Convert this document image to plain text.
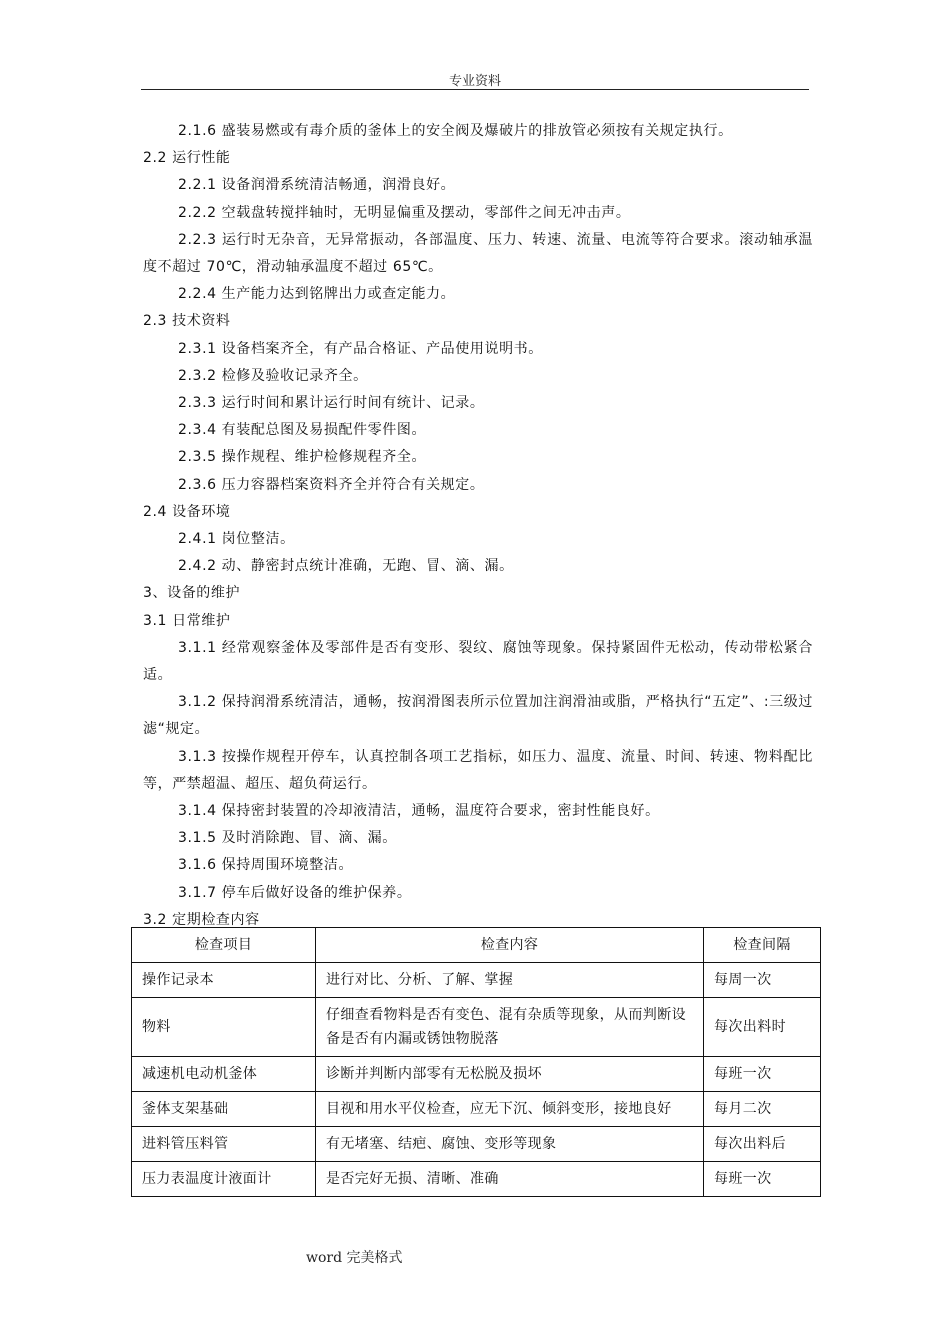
专业资料

2.1.6 盛装易燃或有毒介质的釜体上的安全阀及爆破片的排放管必须按有关规定执行。

2.2 运行性能

2.2.1 设备润滑系统清洁畅通，润滑良好。

2.2.2 空载盘转搅拌轴时，无明显偏重及摆动，零部件之间无冲击声。

2.2.3 运行时无杂音，无异常振动，各部温度、压力、转速、流量、电流等符合要求。滚动轴承温度不超过 70℃，滑动轴承温度不超过 65℃。

2.2.4 生产能力达到铭牌出力或查定能力。

2.3 技术资料

2.3.1 设备档案齐全，有产品合格证、产品使用说明书。

2.3.2 检修及验收记录齐全。

2.3.3 运行时间和累计运行时间有统计、记录。

2.3.4 有装配总图及易损配件零件图。

2.3.5 操作规程、维护检修规程齐全。

2.3.6 压力容器档案资料齐全并符合有关规定。

2.4 设备环境

2.4.1 岗位整洁。

2.4.2 动、静密封点统计准确，无跑、冒、滴、漏。

3、设备的维护

3.1 日常维护

3.1.1 经常观察釜体及零部件是否有变形、裂纹、腐蚀等现象。保持紧固件无松动，传动带松紧合适。

3.1.2 保持润滑系统清洁，通畅，按润滑图表所示位置加注润滑油或脂，严格执行“五定”、:三级过滤“规定。

3.1.3 按操作规程开停车，认真控制各项工艺指标，如压力、温度、流量、时间、转速、物料配比等，严禁超温、超压、超负荷运行。

3.1.4 保持密封装置的冷却液清洁，通畅，温度符合要求，密封性能良好。

3.1.5 及时消除跑、冒、滴、漏。

3.1.6 保持周围环境整洁。

3.1.7 停车后做好设备的维护保养。

3.2 定期检查内容

检查项目	检查内容	检查间隔
操作记录本	进行对比、分析、了解、掌握	每周一次
物料	仔细查看物料是否有变色、混有杂质等现象，从而判断设备是否有内漏或锈蚀物脱落	每次出料时
减速机电动机釜体	诊断并判断内部零有无松脱及损坏	每班一次
釜体支架基础	目视和用水平仪检查，应无下沉、倾斜变形，接地良好	每月二次
进料管压料管	有无堵塞、结疤、腐蚀、变形等现象	每次出料后
压力表温度计液面计	是否完好无损、清晰、准确	每班一次
word 完美格式
